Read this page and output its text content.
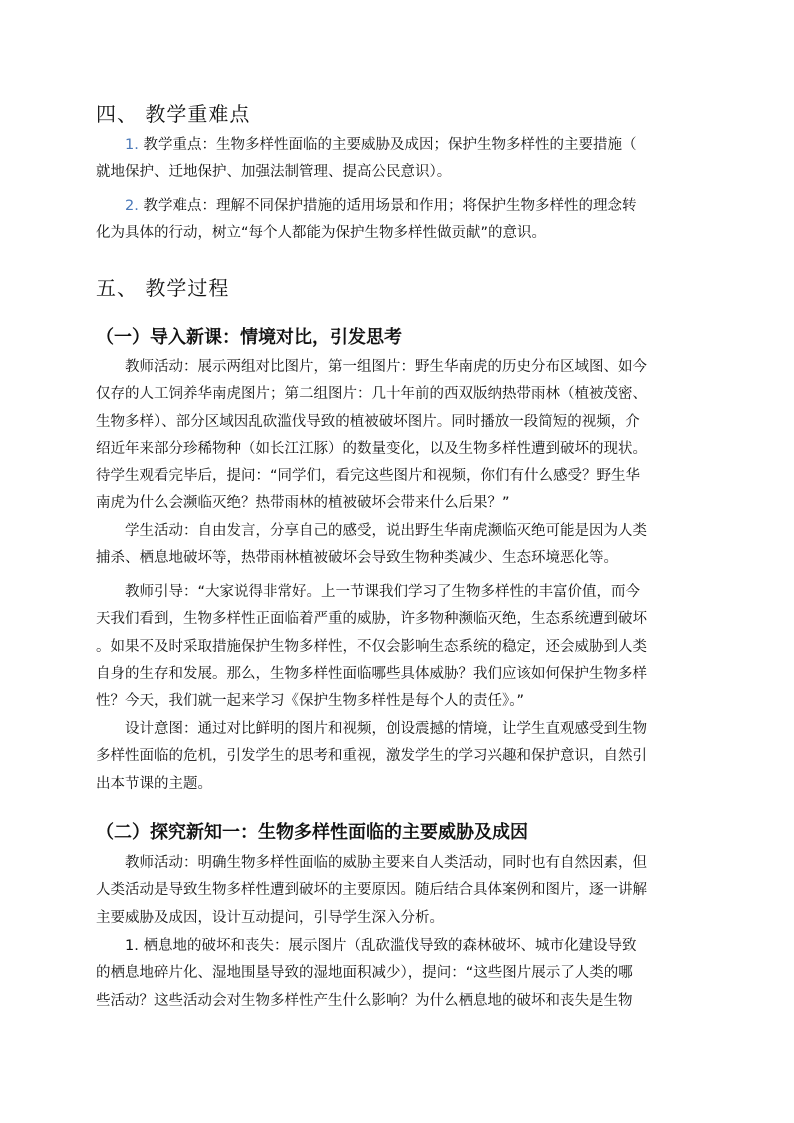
四、 教学重难点

1. 教学重点：生物多样性面临的主要威胁及成因；保护生物多样性的主要措施（
就地保护、迁地保护、加强法制管理、提高公民意识）。

2. 教学难点：理解不同保护措施的适用场景和作用；将保护生物多样性的理念转
化为具体的行动，树立“每个人都能为保护生物多样性做贡献”的意识。

五、 教学过程
（一）导入新课：情境对比，引发思考

教师活动：展示两组对比图片，第一组图片：野生华南虎的历史分布区域图、如今
仅存的人工饲养华南虎图片；第二组图片：几十年前的西双版纳热带雨林（植被茂密、
生物多样）、部分区域因乱砍滥伐导致的植被破坏图片。同时播放一段简短的视频，介
绍近年来部分珍稀物种（如长江江豚）的数量变化，以及生物多样性遭到破坏的现状。
待学生观看完毕后，提问：“同学们，看完这些图片和视频，你们有什么感受？野生华
南虎为什么会濒临灭绝？热带雨林的植被破坏会带来什么后果？”

学生活动：自由发言，分享自己的感受，说出野生华南虎濒临灭绝可能是因为人类
捕杀、栖息地破坏等，热带雨林植被破坏会导致生物种类减少、生态环境恶化等。

教师引导：“大家说得非常好。上一节课我们学习了生物多样性的丰富价值，而今
天我们看到，生物多样性正面临着严重的威胁，许多物种濒临灭绝，生态系统遭到破坏
。如果不及时采取措施保护生物多样性，不仅会影响生态系统的稳定，还会威胁到人类
自身的生存和发展。那么，生物多样性面临哪些具体威胁？我们应该如何保护生物多样
性？今天，我们就一起来学习《保护生物多样性是每个人的责任》。”

设计意图：通过对比鲜明的图片和视频，创设震撼的情境，让学生直观感受到生物
多样性面临的危机，引发学生的思考和重视，激发学生的学习兴趣和保护意识，自然引
出本节课的主题。

（二）探究新知一：生物多样性面临的主要威胁及成因

教师活动：明确生物多样性面临的威胁主要来自人类活动，同时也有自然因素，但
人类活动是导致生物多样性遭到破坏的主要原因。随后结合具体案例和图片，逐一讲解
主要威胁及成因，设计互动提问，引导学生深入分析。

1. 栖息地的破坏和丧失：展示图片（乱砍滥伐导致的森林破坏、城市化建设导致
的栖息地碎片化、湿地围垦导致的湿地面积减少），提问：“这些图片展示了人类的哪
些活动？这些活动会对生物多样性产生什么影响？为什么栖息地的破坏和丧失是生物
